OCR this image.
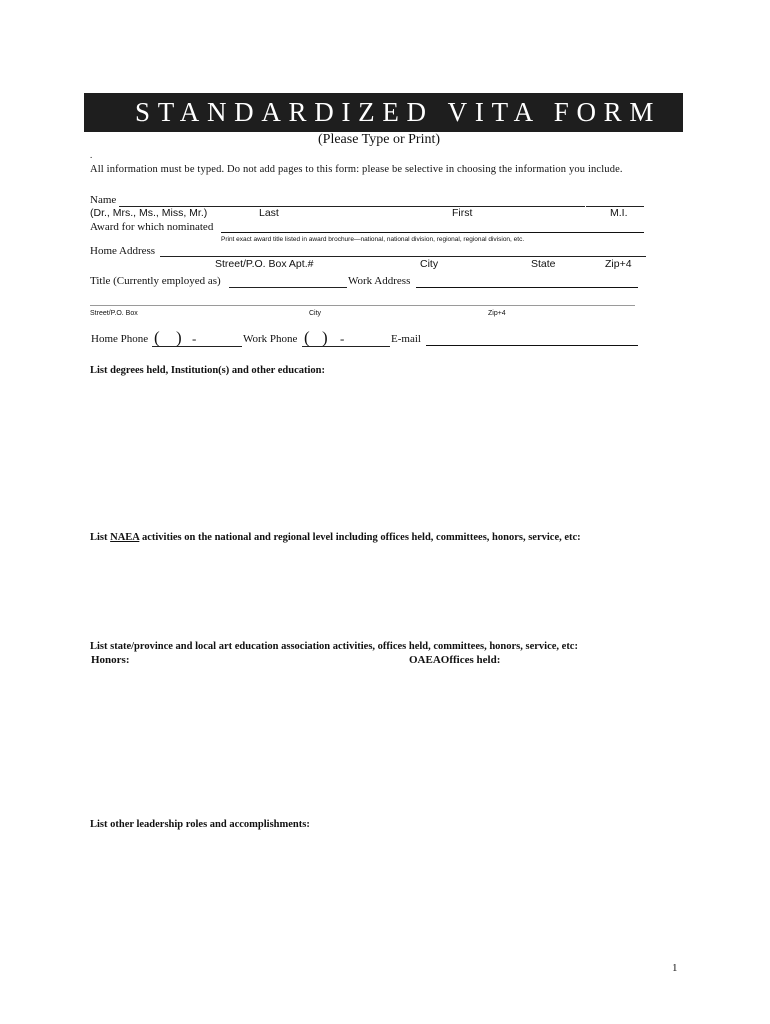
STANDARDIZED VITA FORM
(Please Type or Print)
.
All information must be typed. Do not add pages to this form: please be selective in choosing the information you include.
Name
(Dr., Mrs., Ms., Miss, Mr.)	Last	First	M.I.
Award for which nominated
Print exact award title listed in award brochure—national, national division, regional, regional division, etc.
Home Address
Street/P.O. Box Apt.#	City	State	Zip+4
Title (Currently employed as)	Work Address
Street/P.O. Box	City	Zip+4
Home Phone ( ) -	Work Phone ( ) -	E-mail
List degrees held, Institution(s) and other education:
List NAEA activities on the national and regional level including offices held, committees, honors, service, etc:
List state/province and local art education association activities, offices held, committees, honors, service, etc:
Honors:	OAEAOffices held:
List other leadership roles and accomplishments:
1
